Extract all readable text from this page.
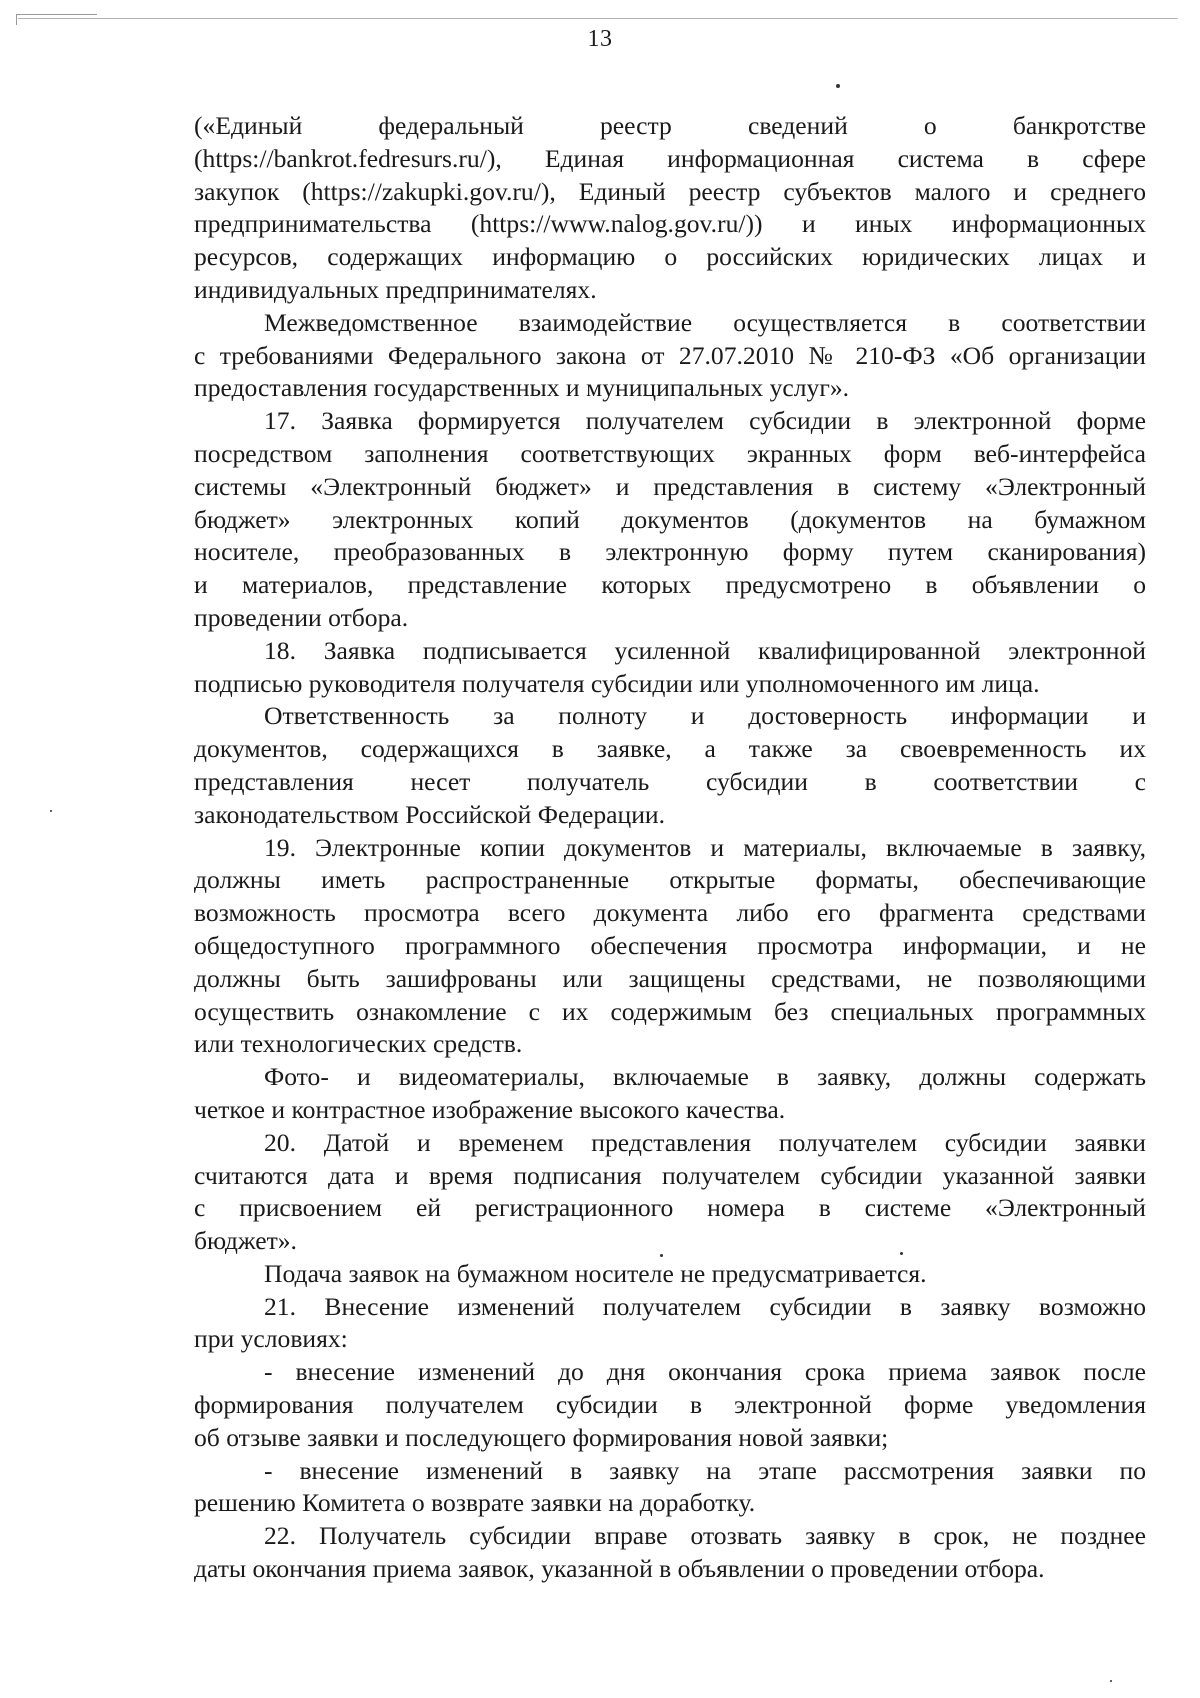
13

(«Единый федеральный реестр сведений о банкротстве
(https://bankrot.fedresurs.ru/), Единая информационная система в сфере
закупок (https://zakupki.gov.ru/), Единый реестр субъектов малого и среднего
предпринимательства (https://www.nalog.gov.ru/)) и иных информационных
ресурсов, содержащих информацию о российских юридических лицах и
индивидуальных предпринимателях.

Межведомственное взаимодействие осуществляется в соответствии
с требованиями Федерального закона от 27.07.2010 № 210-ФЗ «Об организации
предоставления государственных и муниципальных услуг».

17. Заявка формируется получателем субсидии в электронной форме
посредством заполнения соответствующих экранных форм веб-интерфейса
системы «Электронный бюджет» и представления в систему «Электронный
бюджет» электронных копий документов (документов на бумажном
носителе, преобразованных в электронную форму путем сканирования)
и материалов, представление которых предусмотрено в объявлении о
проведении отбора.

18. Заявка подписывается усиленной квалифицированной электронной
подписью руководителя получателя субсидии или уполномоченного им лица.

Ответственность за полноту и достоверность информации и
документов, содержащихся в заявке, а также за своевременность их
представления несет получатель субсидии в соответствии с
законодательством Российской Федерации.

19. Электронные копии документов и материалы, включаемые в заявку,
должны иметь распространенные открытые форматы, обеспечивающие
возможность просмотра всего документа либо его фрагмента средствами
общедоступного программного обеспечения просмотра информации, и не
должны быть зашифрованы или защищены средствами, не позволяющими
осуществить ознакомление с их содержимым без специальных программных
или технологических средств.

Фото- и видеоматериалы, включаемые в заявку, должны содержать
четкое и контрастное изображение высокого качества.

20. Датой и временем представления получателем субсидии заявки
считаются дата и время подписания получателем субсидии указанной заявки
с присвоением ей регистрационного номера в системе «Электронный
бюджет».

Подача заявок на бумажном носителе не предусматривается.

21. Внесение изменений получателем субсидии в заявку возможно
при условиях:

- внесение изменений до дня окончания срока приема заявок после
формирования получателем субсидии в электронной форме уведомления
об отзыве заявки и последующего формирования новой заявки;

- внесение изменений в заявку на этапе рассмотрения заявки по
решению Комитета о возврате заявки на доработку.

22. Получатель субсидии вправе отозвать заявку в срок, не позднее
даты окончания приема заявок, указанной в объявлении о проведении отбора.
